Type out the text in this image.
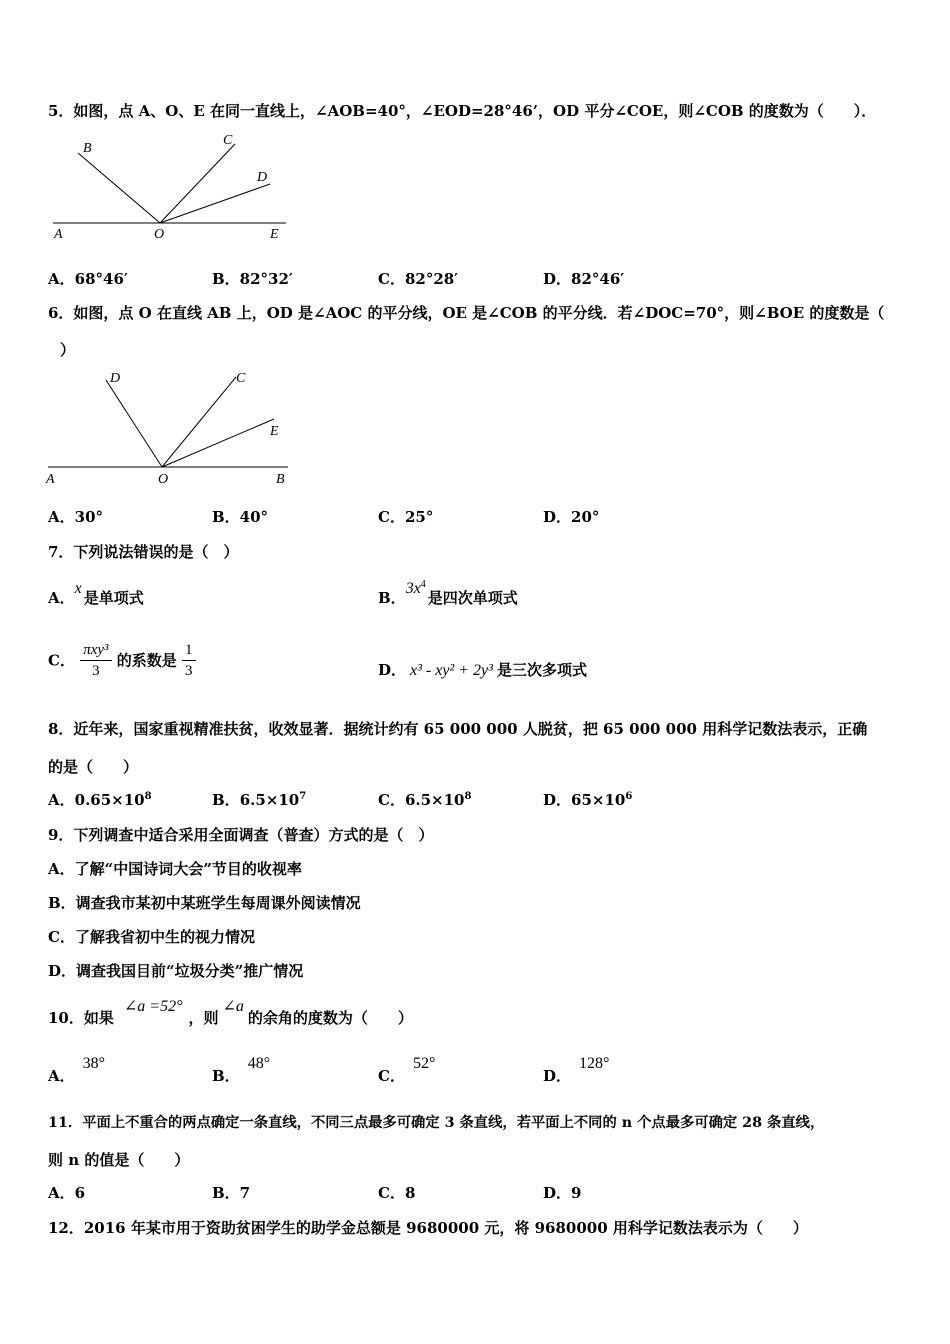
5．如图，点 A、O、E 在同一直线上，∠AOB=40°，∠EOD=28°46’，OD 平分∠COE，则∠COB 的度数为（　　）．
B
C
D
A	O	E
A．68°46′	B．82°32′	C．82°28′	D．82°46′
6．如图，点 O 在直线 AB 上，OD 是∠AOC 的平分线，OE 是∠COB 的平分线．若∠DOC=70°，则∠BOE 的度数是（
）
D	C
E
A	O	B
A．30°	B．40°	C．25°	D．20°
7．下列说法错误的是（　）
A．x是单项式	B．$3x^4$是四次单项式
C． $\frac{\text{πxy³}}{3}$ 的系数是 $\frac{1}{3}$	D． x³ - xy² + 2y³ 是三次多项式
8．近年来，国家重视精准扶贫，收效显著．据统计约有 65 000 000 人脱贫，把 65 000 000 用科学记数法表示，正确
的是（　　）
A．$0.65\times 10^8$	B．$6.5\times 10^7$	C．$6.5\times 10^8$	D．$65\times 10^6$
9．下列调查中适合采用全面调查（普查）方式的是（　）
A．了解“中国诗词大会”节目的收视率
B．调查我市某初中某班学生每周课外阅读情况
C．了解我省初中生的视力情况
D．调查我国目前“垃圾分类”推广情况
10．如果∠a =52°，则∠a的余角的度数为（　　）
A．38°
B．48°
C．52°
D．128°
11．平面上不重合的两点确定一条直线，不同三点最多可确定 3 条直线，若平面上不同的 n 个点最多可确定 28 条直线，
则 n 的值是（　　）
A．6	B．7	C．8	D．9
12．2016 年某市用于资助贫困学生的助学金总额是 9680000 元，将 9680000 用科学记数法表示为（　　）
